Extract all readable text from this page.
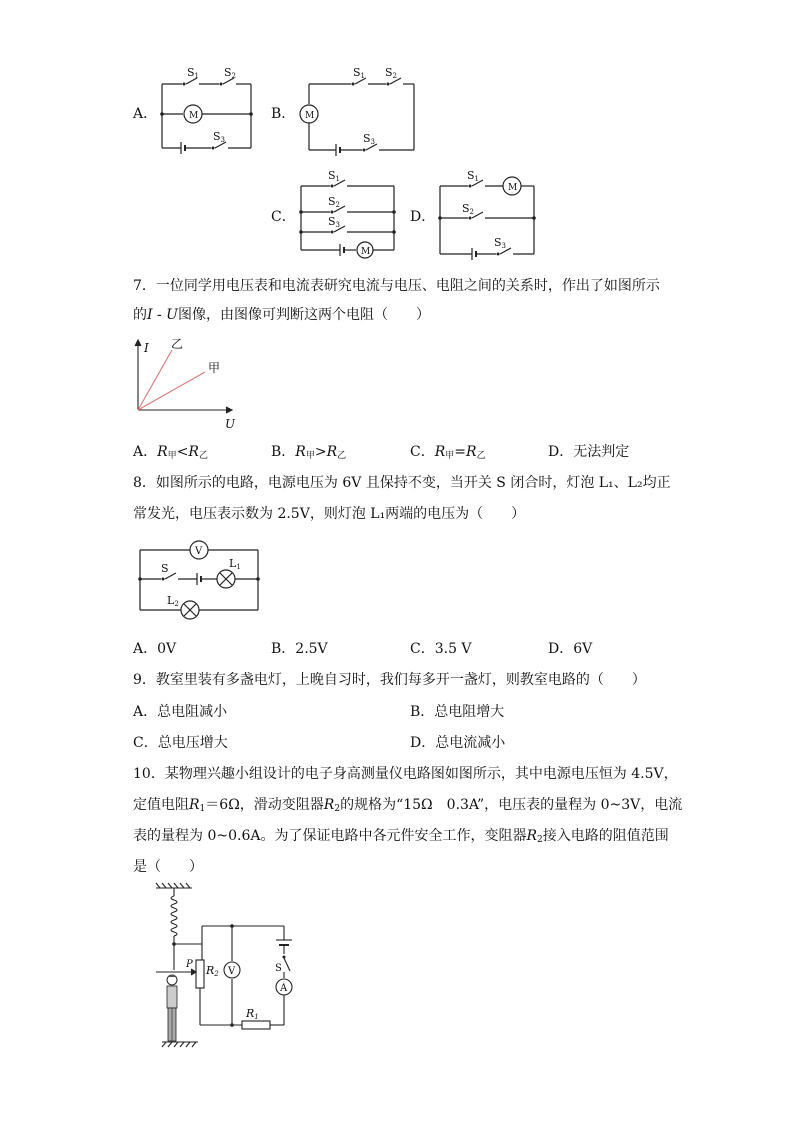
A．
S1 S2
S3
M	B．
S1 S2
S3
M
C．
S1
S2
S3
M
D．
S1
S2
S3
M
7．一位同学用电压表和电流表研究电流与电压、电阻之间的关系时，作出了如图所示
的I - U图像，由图像可判断这两个电阻（　　）
I
U
乙
甲
A．$R_甲<R_乙$	B．$R_甲>R_乙$	C．$R_甲=R_乙$	D．无法判定
8．如图所示的电路，电源电压为 6V 且保持不变，当开关 S 闭合时，灯泡 L₁、L₂均正
常发光，电压表示数为 2.5V，则灯泡 L₁两端的电压为（　　）
V
S	L1
L2
A．0V	B．2.5V	C．3.5 V	D．6V
9．教室里装有多盏电灯，上晚自习时，我们每多开一盏灯，则教室电路的（　　）
A．总电阻减小	B．总电阻增大
C．总电压增大	D．总电流减小
10．某物理兴趣小组设计的电子身高测量仪电路图如图所示，其中电源电压恒为 4.5V，
定值电阻$R_1=6\Omega$，滑动变阻器$R_2$的规格为“15Ω　0.3A”，电压表的量程为 0~3V，电流
表的量程为 0~0.6A。为了保证电路中各元件安全工作，变阻器$R_2$接入电路的阻值范围
是（　　）
P R2 V	S
A
R1
